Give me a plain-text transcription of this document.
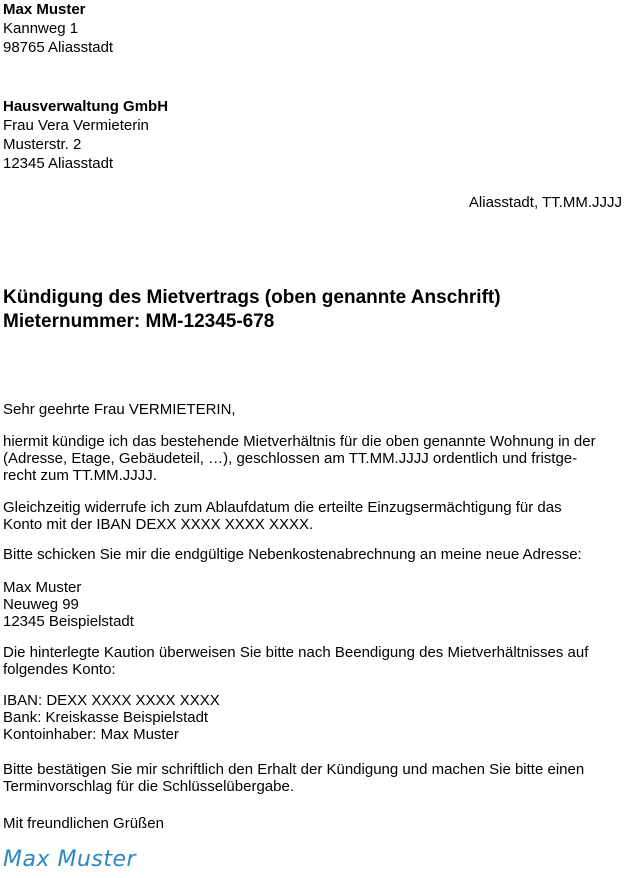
Max Muster
Kannweg 1
98765 Aliasstadt
Hausverwaltung GmbH
Frau Vera Vermieterin
Musterstr. 2
12345 Aliasstadt
Aliasstadt, TT.MM.JJJJ
Kündigung des Mietvertrags (oben genannte Anschrift)
Mieternummer: MM-12345-678
Sehr geehrte Frau VERMIETERIN,
hiermit kündige ich das bestehende Mietverhältnis für die oben genannte Wohnung in der
(Adresse, Etage, Gebäudeteil, …), geschlossen am TT.MM.JJJJ ordentlich und fristge-
recht zum TT.MM.JJJJ.
Gleichzeitig widerrufe ich zum Ablaufdatum die erteilte Einzugsermächtigung für das
Konto mit der IBAN DEXX XXXX XXXX XXXX.
Bitte schicken Sie mir die endgültige Nebenkostenabrechnung an meine neue Adresse:
Max Muster
Neuweg 99
12345 Beispielstadt
Die hinterlegte Kaution überweisen Sie bitte nach Beendigung des Mietverhältnisses auf
folgendes Konto:
IBAN: DEXX XXXX XXXX XXXX
Bank: Kreiskasse Beispielstadt
Kontoinhaber: Max Muster
Bitte bestätigen Sie mir schriftlich den Erhalt der Kündigung und machen Sie bitte einen
Terminvorschlag für die Schlüsselübergabe.
Mit freundlichen Grüßen
Max Muster
